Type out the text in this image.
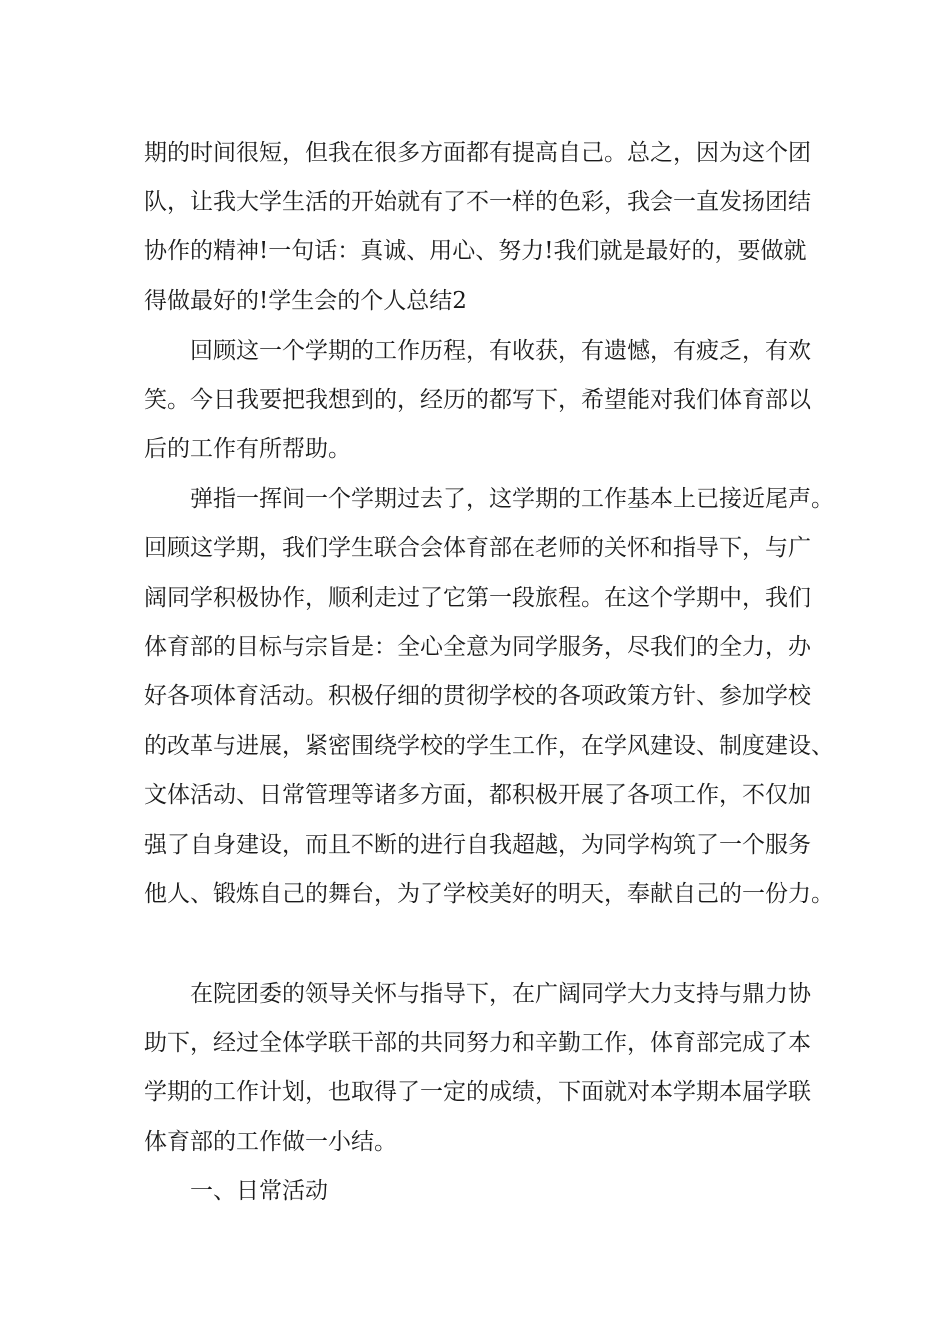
期的时间很短，但我在很多方面都有提高自己。总之，因为这个团
队，让我大学生活的开始就有了不一样的色彩，我会一直发扬团结
协作的精神!一句话：真诚、用心、努力!我们就是最好的，要做就
得做最好的!学生会的个人总结2
回顾这一个学期的工作历程，有收获，有遗憾，有疲乏，有欢
笑。今日我要把我想到的，经历的都写下，希望能对我们体育部以
后的工作有所帮助。
弹指一挥间一个学期过去了，这学期的工作基本上已接近尾声。
回顾这学期，我们学生联合会体育部在老师的关怀和指导下，与广
阔同学积极协作，顺利走过了它第一段旅程。在这个学期中，我们
体育部的目标与宗旨是：全心全意为同学服务，尽我们的全力，办
好各项体育活动。积极仔细的贯彻学校的各项政策方针、参加学校
的改革与进展，紧密围绕学校的学生工作，在学风建设、制度建设、
文体活动、日常管理等诸多方面，都积极开展了各项工作，不仅加
强了自身建设，而且不断的进行自我超越，为同学构筑了一个服务
他人、锻炼自己的舞台，为了学校美好的明天，奉献自己的一份力。
在院团委的领导关怀与指导下，在广阔同学大力支持与鼎力协
助下，经过全体学联干部的共同努力和辛勤工作，体育部完成了本
学期的工作计划，也取得了一定的成绩，下面就对本学期本届学联
体育部的工作做一小结。
一、日常活动
